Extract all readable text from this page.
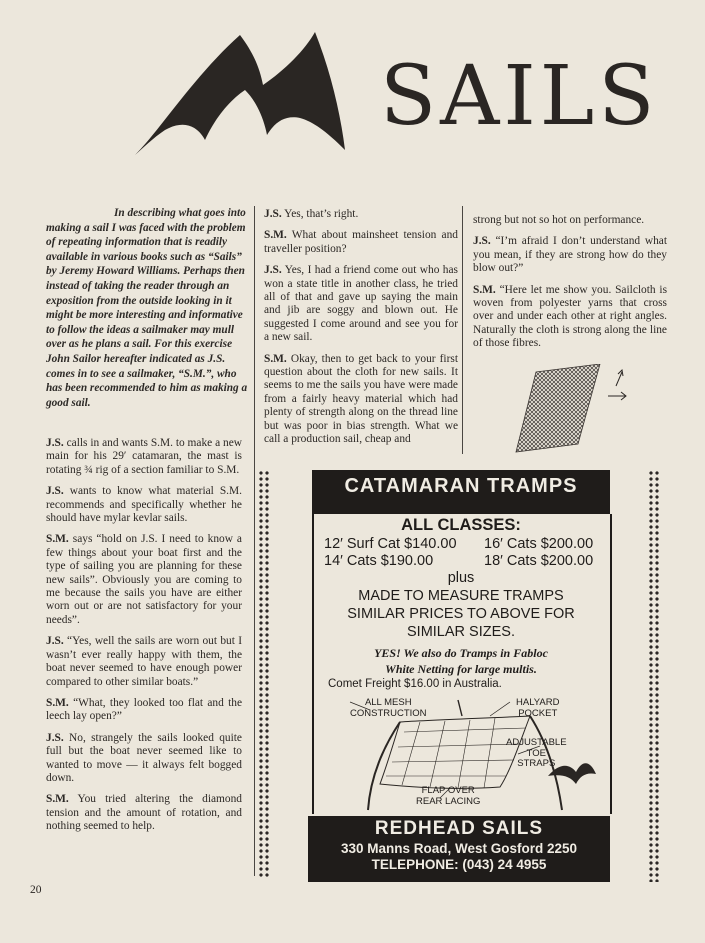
SAILS
In describing what goes into making a sail I was faced with the problem of repeating information that is readily available in various books such as “Sails” by Jeremy Howard Williams. Perhaps then instead of taking the reader through an exposition from the outside looking in it might be more interesting and informative to follow the ideas a sailmaker may mull over as he plans a sail. For this exercise John Sailor hereafter indicated as J.S. comes in to see a sailmaker, “S.M.”, who has been recommended to him as making a good sail.

J.S. calls in and wants S.M. to make a new main for his 29′ catamaran, the mast is rotating ¾ rig of a section familiar to S.M.

J.S. wants to know what material S.M. recommends and specifically whether he should have mylar kevlar sails.

S.M. says “hold on J.S. I need to know a few things about your boat first and the type of sailing you are planning for these new sails”. Obviously you are coming to me because the sails you have are either worn out or are not satisfactory for your needs”.

J.S. “Yes, well the sails are worn out but I wasn’t ever really happy with them, the boat never seemed to have enough power compared to other similar boats.”

S.M. “What, they looked too flat and the leech lay open?”

J.S. No, strangely the sails looked quite full but the boat never seemed like to wanted to move — it always felt bogged down.

S.M. You tried altering the diamond tension and the amount of rotation, and nothing seemed to help.

J.S. Yes, that’s right.

S.M. What about mainsheet tension and traveller position?

J.S. Yes, I had a friend come out who has won a state title in another class, he tried all of that and gave up saying the main and jib are soggy and blown out. He suggested I come around and see you for a new sail.

S.M. Okay, then to get back to your first question about the cloth for new sails. It seems to me the sails you have were made from a fairly heavy material which had plenty of strength along on the thread line but was poor in bias strength. What we call a production sail, cheap and

strong but not so hot on performance.

J.S. “I’m afraid I don’t understand what you mean, if they are strong how do they blow out?”

S.M. “Here let me show you. Sailcloth is woven from polyester yarns that cross over and under each other at right angles. Naturally the cloth is strong along the line of those fibres.

CATAMARAN TRAMPS
ALL CLASSES:
12′ Surf Cat $140.00 16′ Cats $200.00
14′ Cats $190.00	18′ Cats $200.00
plus
MADE TO MEASURE TRAMPS
SIMILAR PRICES TO ABOVE FOR
SIMILAR SIZES.
YES! We also do Tramps in Fabloc
White Netting for large multis.
Comet Freight $16.00 in Australia.
ALL MESH
CONSTRUCTION
HALYARD
POCKET
ADJUSTABLE
TOE
STRAPS
FLAP OVER
REAR LACING
REDHEAD SAILS
330 Manns Road, West Gosford 2250
TELEPHONE: (043) 24 4955
20
